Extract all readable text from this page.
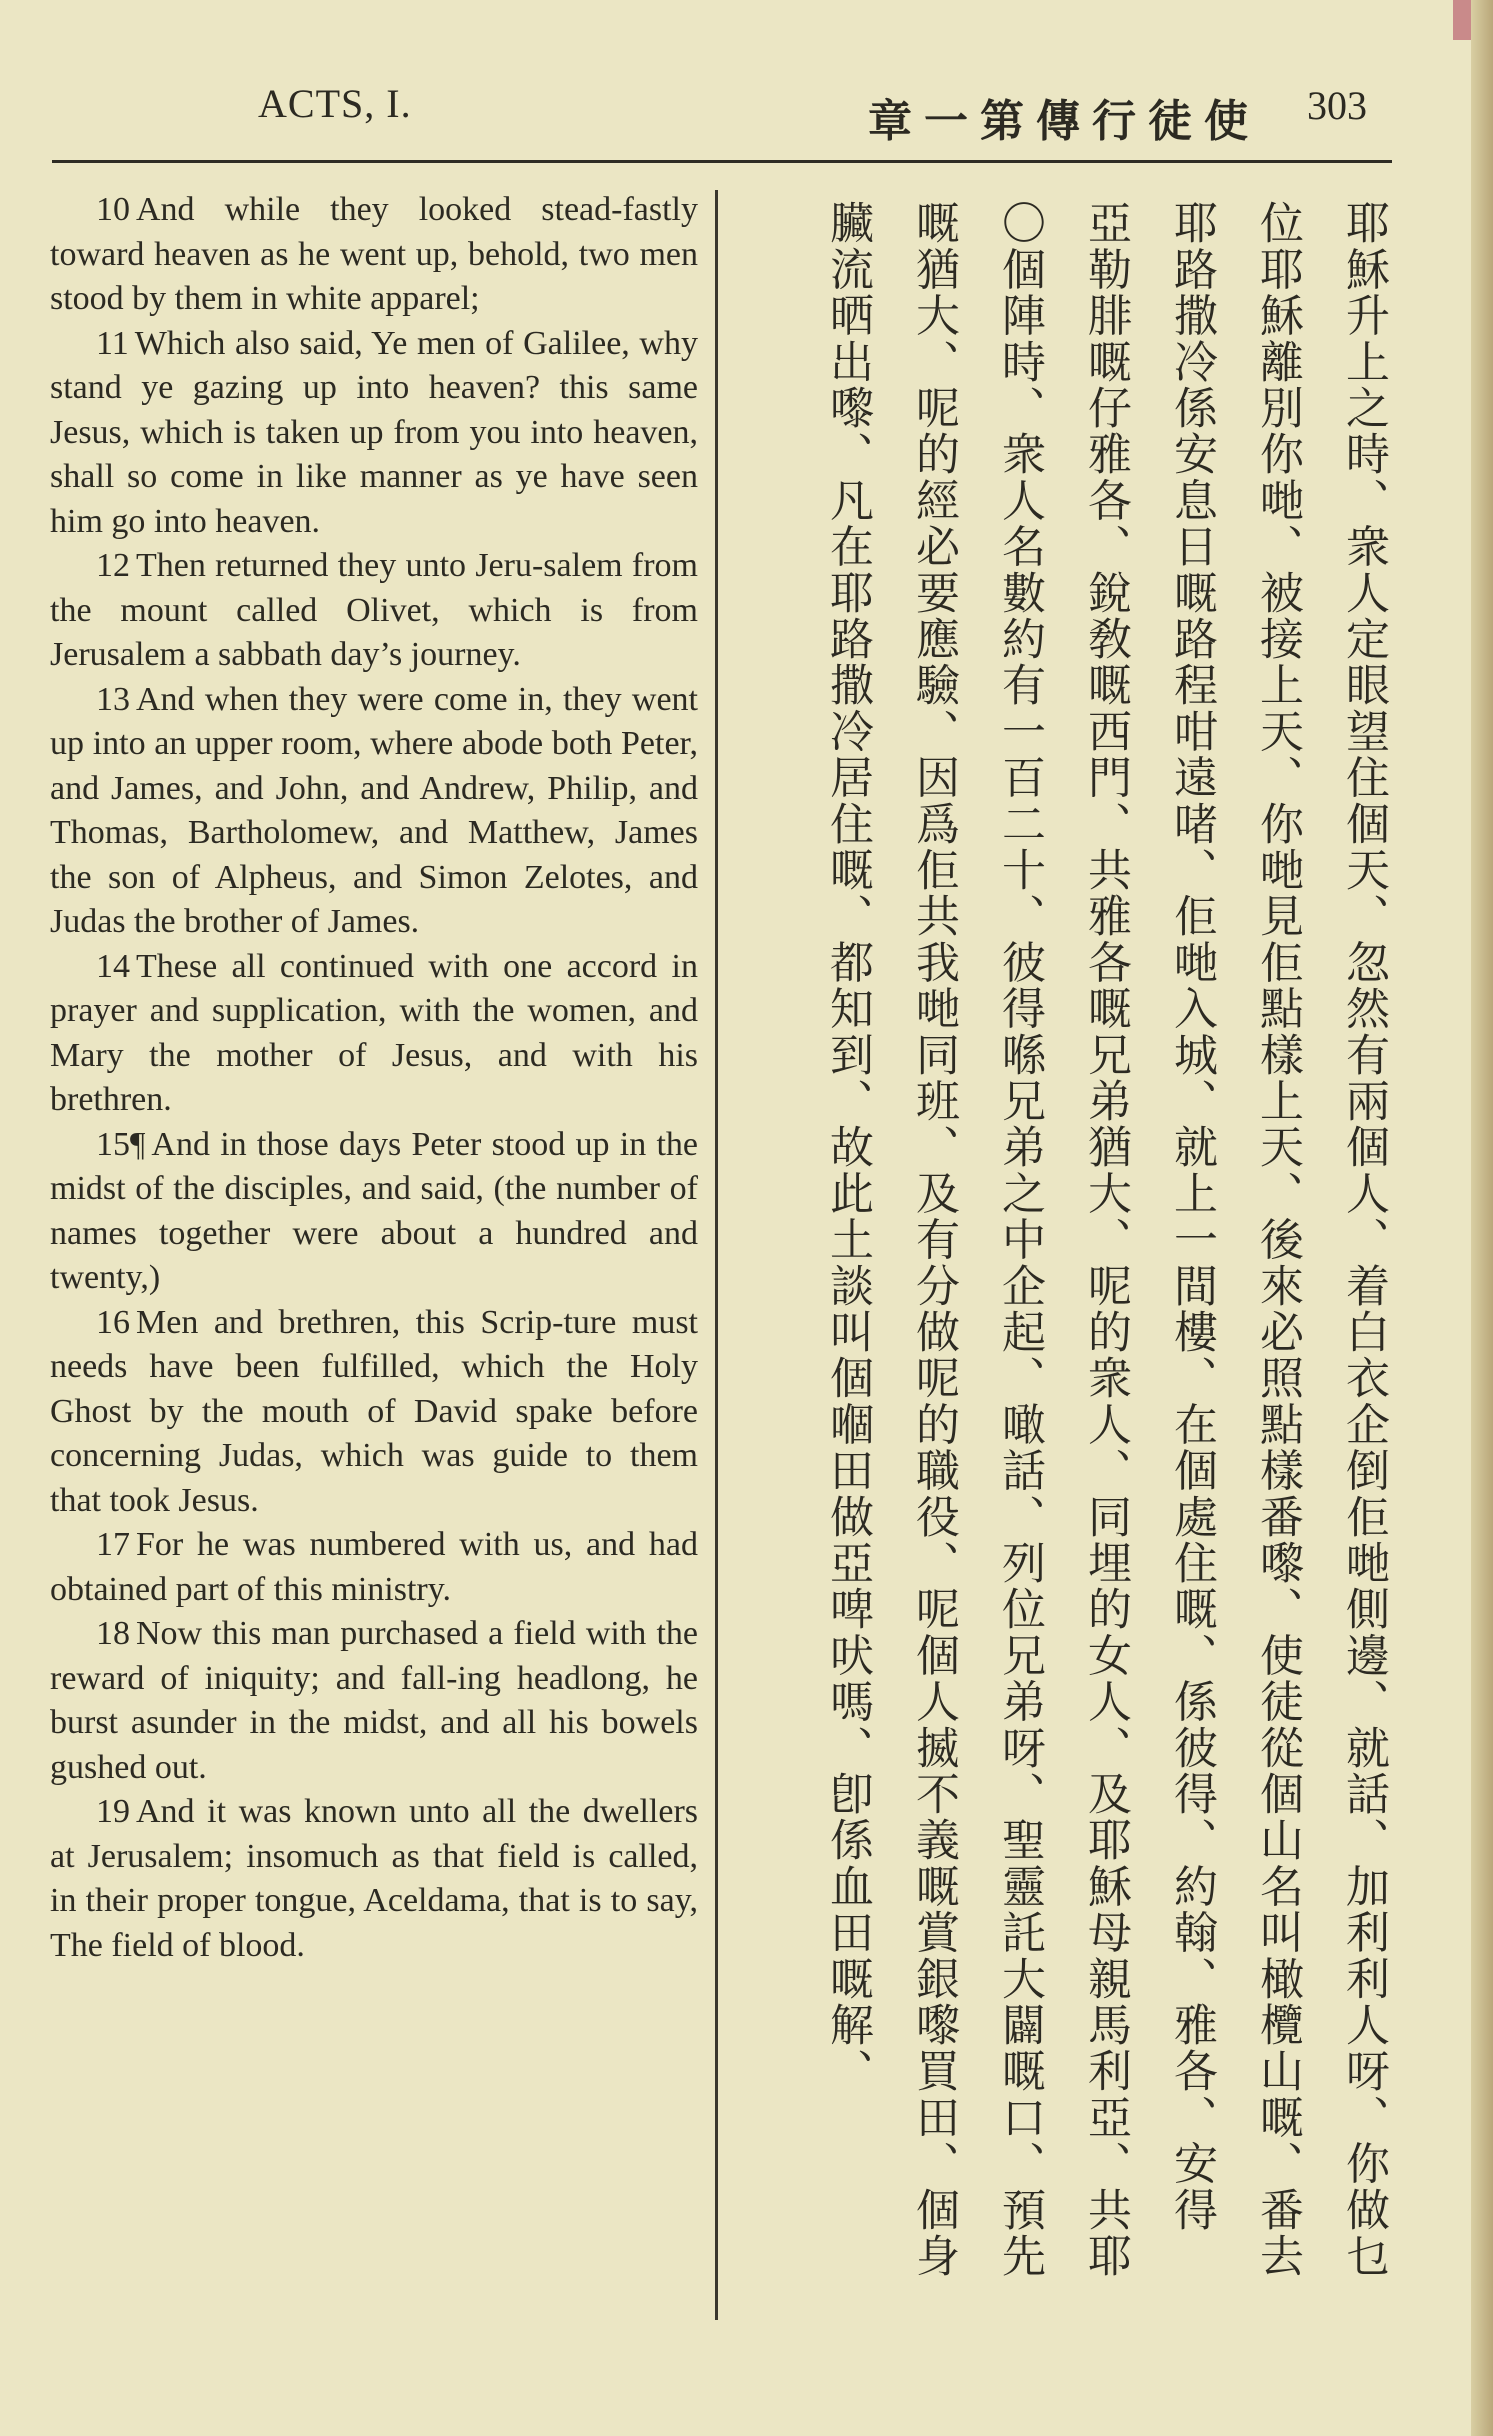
ACTS, I.	章一第傳行徒使 303

10 And while they looked stead-fastly toward heaven as he went up, behold, two men stood by them in white apparel;

11 Which also said, Ye men of Galilee, why stand ye gazing up into heaven? this same Jesus, which is taken up from you into heaven, shall so come in like manner as ye have seen him go into heaven.

12 Then returned they unto Jeru-salem from the mount called Olivet, which is from Jerusalem a sabbath day’s journey.

13 And when they were come in, they went up into an upper room, where abode both Peter, and James, and John, and Andrew, Philip, and Thomas, Bartholomew, and Matthew, James the son of Alpheus, and Simon Zelotes, and Judas the brother of James.

14 These all continued with one accord in prayer and supplication, with the women, and Mary the mother of Jesus, and with his brethren.

15¶ And in those days Peter stood up in the midst of the disciples, and said, (the number of names together were about a hundred and twenty,)

16 Men and brethren, this Scrip-ture must needs have been fulfilled, which the Holy Ghost by the mouth of David spake before concerning Judas, which was guide to them that took Jesus.

17 For he was numbered with us, and had obtained part of this ministry.

18 Now this man purchased a field with the reward of iniquity; and fall-ing headlong, he burst asunder in the midst, and all his bowels gushed out.

19 And it was known unto all the dwellers at Jerusalem; insomuch as that field is called, in their proper tongue, Aceldama, that is to say, The field of blood.

耶穌升上之時、衆人定眼望住個天、忽然有兩個人、着白衣企倒佢哋側邊、就話、加利利人呀、你做乜
位耶穌離別你哋、被接上天、你哋見佢點樣上天、後來必照點樣番嚟、使徒從個山名叫橄欖山嘅、番去
耶路撒冷係安息日嘅路程咁遠啫、佢哋入城、就上一間樓、在個處住嘅、係彼得、約翰、雅各、安得
亞勒腓嘅仔雅各、銳敎嘅西門、共雅各嘅兄弟猶大、呢的衆人、同埋的女人、及耶穌母親馬利亞、共耶
〇個陣時、衆人名數約有一百二十、彼得喺兄弟之中企起、噉話、列位兄弟呀、聖靈託大闢嘅口、預先
嘅猶大、呢的經必要應驗、因爲佢共我哋同班、及有分做呢的職役、呢個人揻不義嘅賞銀嚟買田、個身
臟流晒出嚟、凡在耶路撒冷居住嘅、都知到、故此土談叫個嗰田做亞啤吠嗎、卽係血田嘅解、
